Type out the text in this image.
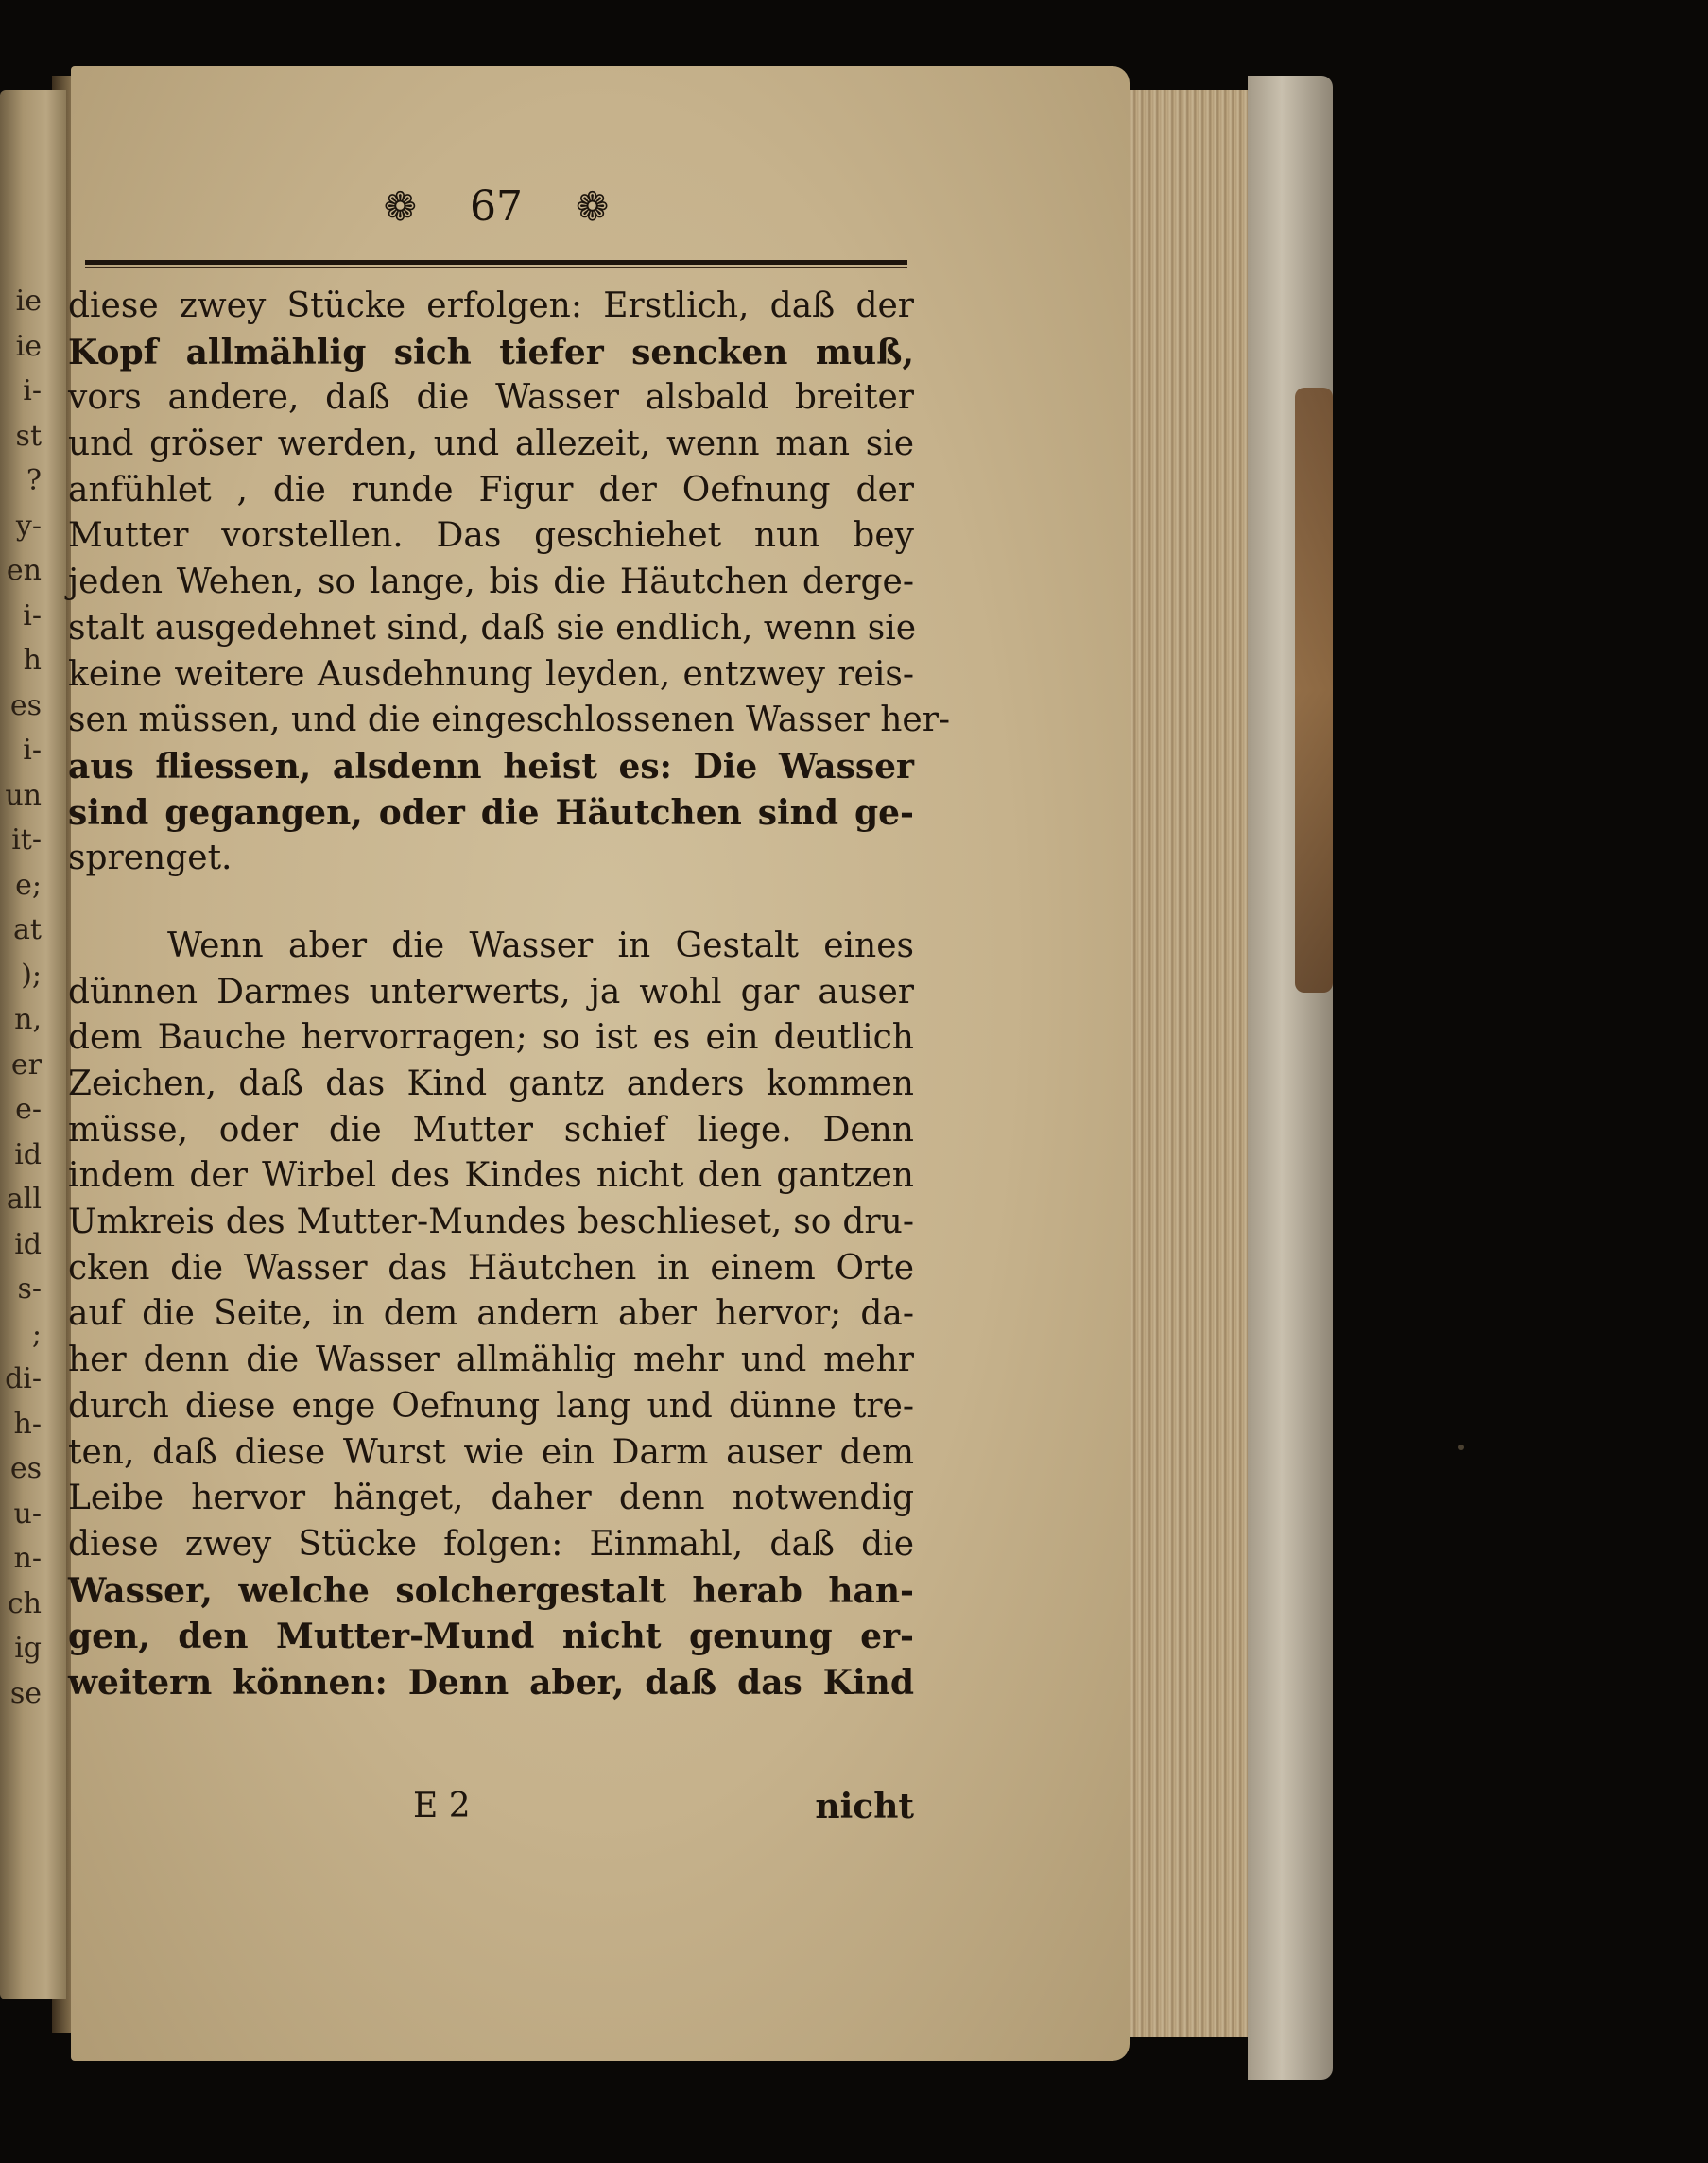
ie
ie
i-
st
?
y-
en
i-
h
es
i-
un
it-
e;
at
);
n,
er
e-
id
all
id
s-
;
di-
h-
es
u-
n-
ch
ig
se
❁ 67 ❁
diese zwey Stücke erfolgen: Erstlich, daß der
Kopf allmählig sich tiefer sencken muß,
vors andere, daß die Wasser alsbald breiter
und gröser werden, und allezeit, wenn man sie
anfühlet , die runde Figur der Oefnung der
Mutter vorstellen. Das geschiehet nun bey
jeden Wehen, so lange, bis die Häutchen derge-
stalt ausgedehnet sind, daß sie endlich, wenn sie
keine weitere Ausdehnung leyden, entzwey reis-
sen müssen, und die eingeschlossenen Wasser her-
aus fliessen, alsdenn heist es: Die Wasser
sind gegangen, oder die Häutchen sind ge-
sprenget.
Wenn aber die Wasser in Gestalt eines
dünnen Darmes unterwerts, ja wohl gar auser
dem Bauche hervorragen; so ist es ein deutlich
Zeichen, daß das Kind gantz anders kommen
müsse, oder die Mutter schief liege. Denn
indem der Wirbel des Kindes nicht den gantzen
Umkreis des Mutter-Mundes beschlieset, so dru-
cken die Wasser das Häutchen in einem Orte
auf die Seite, in dem andern aber hervor; da-
her denn die Wasser allmählig mehr und mehr
durch diese enge Oefnung lang und dünne tre-
ten, daß diese Wurst wie ein Darm auser dem
Leibe hervor hänget, daher denn notwendig
diese zwey Stücke folgen: Einmahl, daß die
Wasser, welche solchergestalt herab han-
gen, den Mutter-Mund nicht genung er-
weitern können: Denn aber, daß das Kind
E 2	nicht
